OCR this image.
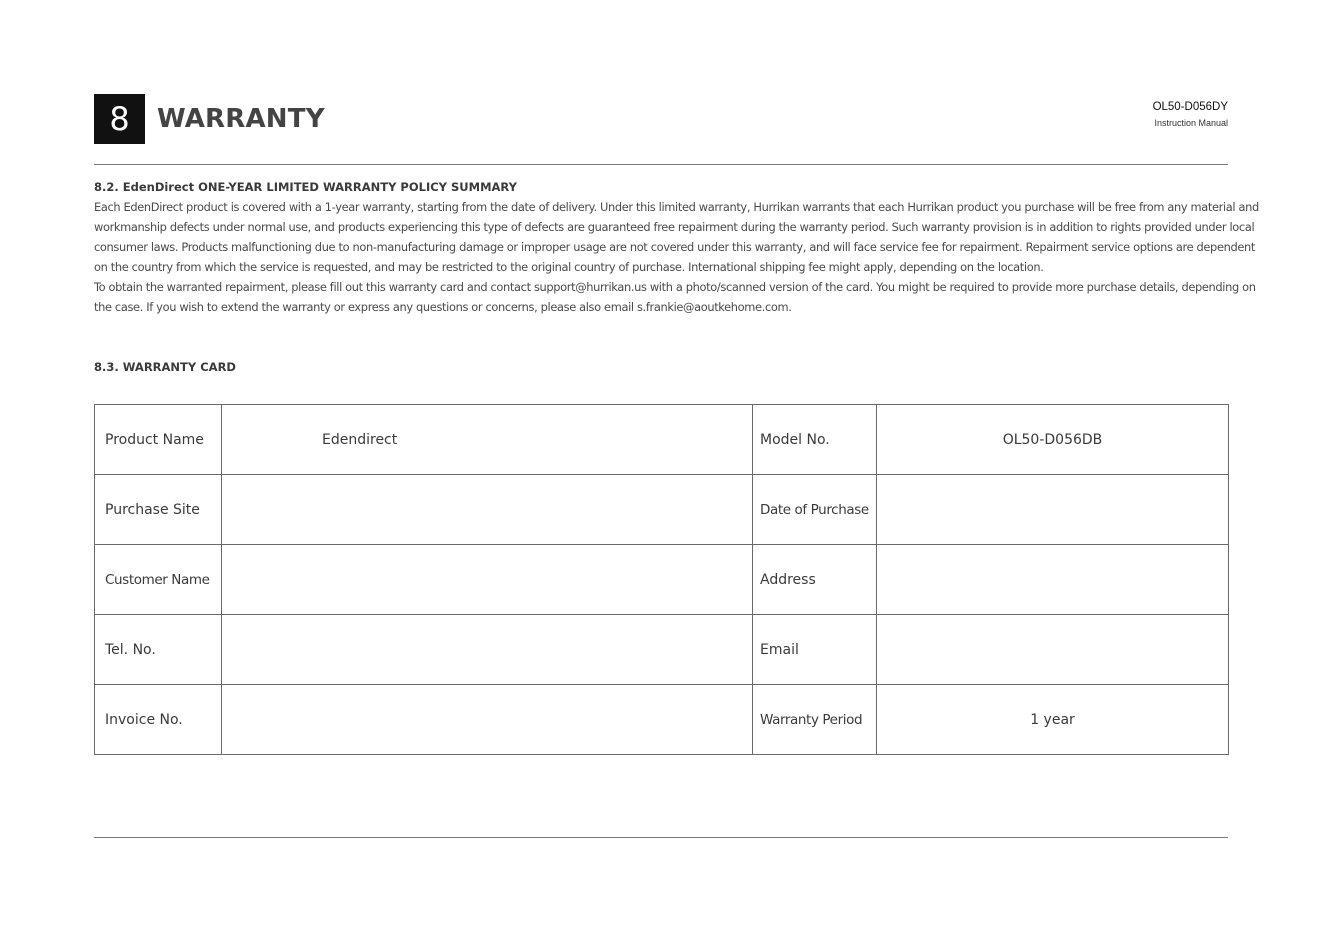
8	WARRANTY	OL50-D056DY
Instruction Manual
8.2. EdenDirect ONE-YEAR LIMITED WARRANTY POLICY SUMMARY

Each EdenDirect product is covered with a 1-year warranty, starting from the date of delivery. Under this limited warranty, Hurrikan warrants that each Hurrikan product you purchase will be free from any material and workmanship defects under normal use, and products experiencing this type of defects are guaranteed free repairment during the warranty period. Such warranty provision is in addition to rights provided under local consumer laws. Products malfunctioning due to non-manufacturing damage or improper usage are not covered under this warranty, and will face service fee for repairment. Repairment service options are dependent on the country from which the service is requested, and may be restricted to the original country of purchase. International shipping fee might apply, depending on the location.

To obtain the warranted repairment, please fill out this warranty card and contact support@hurrikan.us with a photo/scanned version of the card. You might be required to provide more purchase details, depending on the case. If you wish to extend the warranty or express any questions or concerns, please also email s.frankie@aoutkehome.com.

8.3. WARRANTY CARD
Product Name	Edendirect	Model No.	OL50-D056DB
Purchase Site		Date of Purchase	
Customer Name		Address	
Tel. No.		Email	
Invoice No.		Warranty Period	1 year
